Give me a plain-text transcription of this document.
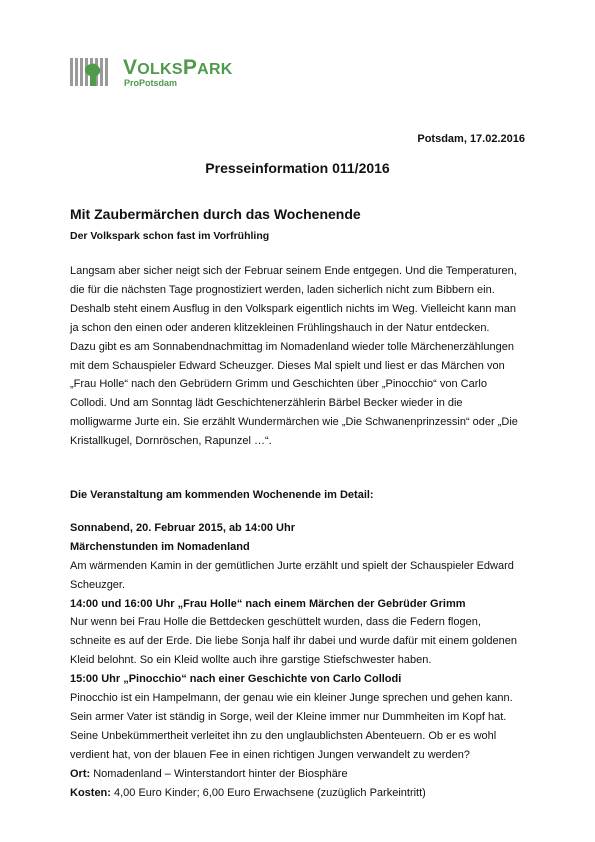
VOLKSPARK
ProPotsdam
Potsdam, 17.02.2016
Presseinformation 011/2016
Mit Zaubermärchen durch das Wochenende
Der Volkspark schon fast im Vorfrühling
Langsam aber sicher neigt sich der Februar seinem Ende entgegen. Und die Temperaturen,
die für die nächsten Tage prognostiziert werden, laden sicherlich nicht zum Bibbern ein.
Deshalb steht einem Ausflug in den Volkspark eigentlich nichts im Weg. Vielleicht kann man
ja schon den einen oder anderen klitzekleinen Frühlingshauch in der Natur entdecken.
Dazu gibt es am Sonnabendnachmittag im Nomadenland wieder tolle Märchenerzählungen
mit dem Schauspieler Edward Scheuzger. Dieses Mal spielt und liest er das Märchen von
„Frau Holle“ nach den Gebrüdern Grimm und Geschichten über „Pinocchio“ von Carlo
Collodi. Und am Sonntag lädt Geschichtenerzählerin Bärbel Becker wieder in die
molligwarme Jurte ein. Sie erzählt Wundermärchen wie „Die Schwanenprinzessin“ oder „Die
Kristallkugel, Dornröschen, Rapunzel …“.
Die Veranstaltung am kommenden Wochenende im Detail:
Sonnabend, 20. Februar 2015, ab 14:00 Uhr
Märchenstunden im Nomadenland
Am wärmenden Kamin in der gemütlichen Jurte erzählt und spielt der Schauspieler Edward
Scheuzger.
14:00 und 16:00 Uhr „Frau Holle“ nach einem Märchen der Gebrüder Grimm
Nur wenn bei Frau Holle die Bettdecken geschüttelt wurden, dass die Federn flogen,
schneite es auf der Erde. Die liebe Sonja half ihr dabei und wurde dafür mit einem goldenen
Kleid belohnt. So ein Kleid wollte auch ihre garstige Stiefschwester haben.
15:00 Uhr „Pinocchio“ nach einer Geschichte von Carlo Collodi
Pinocchio ist ein Hampelmann, der genau wie ein kleiner Junge sprechen und gehen kann.
Sein armer Vater ist ständig in Sorge, weil der Kleine immer nur Dummheiten im Kopf hat.
Seine Unbekümmertheit verleitet ihn zu den unglaublichsten Abenteuern. Ob er es wohl
verdient hat, von der blauen Fee in einen richtigen Jungen verwandelt zu werden?
Ort: Nomadenland – Winterstandort hinter der Biosphäre
Kosten: 4,00 Euro Kinder; 6,00 Euro Erwachsene (zuzüglich Parkeintritt)
